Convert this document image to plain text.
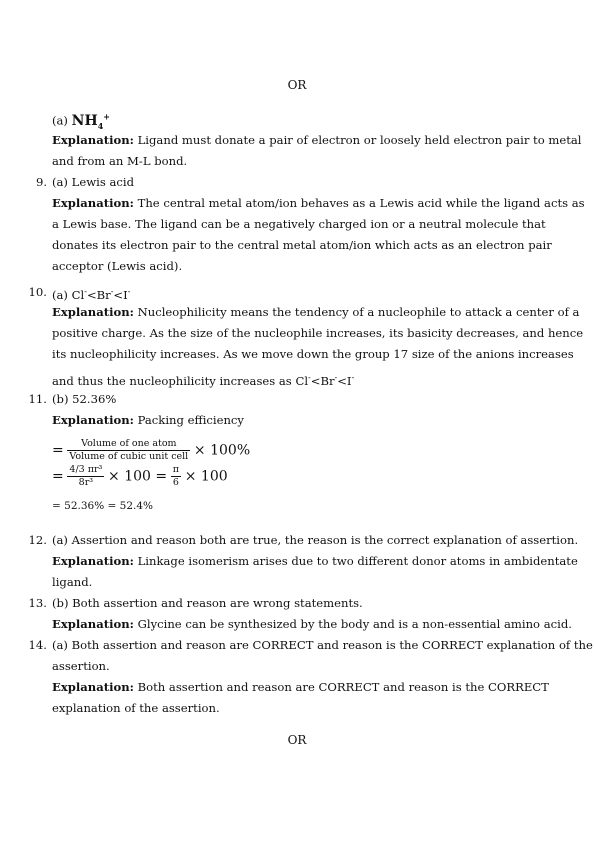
OR
(a) $NH_4^+$
Explanation: Ligand must donate a pair of electron or loosely held electron pair to metal
and from an M-L bond.
9. (a) Lewis acid
Explanation: The central metal atom/ion behaves as a Lewis acid while the ligand acts as
a Lewis base. The ligand can be a negatively charged ion or a neutral molecule that
donates its electron pair to the central metal atom/ion which acts as an electron pair
acceptor (Lewis acid).
10. (a) Cl-<Br-<I-
Explanation: Nucleophilicity means the tendency of a nucleophile to attack a center of a
positive charge. As the size of the nucleophile increases, its basicity decreases, and hence
its nucleophilicity increases. As we move down the group 17 size of the anions increases
and thus the nucleophilicity increases as Cl-<Br-<I-
11. (b) 52.36%
Explanation: Packing efficiency
= $\frac{\text{Volume of one atom}}{\text{Volume of cubic unit cell}} \times 100\%$
= $\frac{\text{4/3 πr³}}{\text{8r³}} \times 100 = \frac{\pi}{6} \times 100$
= 52.36% = 52.4%
12. (a) Assertion and reason both are true, the reason is the correct explanation of assertion.
Explanation: Linkage isomerism arises due to two different donor atoms in ambidentate
ligand.
13. (b) Both assertion and reason are wrong statements.
Explanation: Glycine can be synthesized by the body and is a non-essential amino acid.
14. (a) Both assertion and reason are CORRECT and reason is the CORRECT explanation of the
assertion.
Explanation: Both assertion and reason are CORRECT and reason is the CORRECT
explanation of the assertion.
OR
